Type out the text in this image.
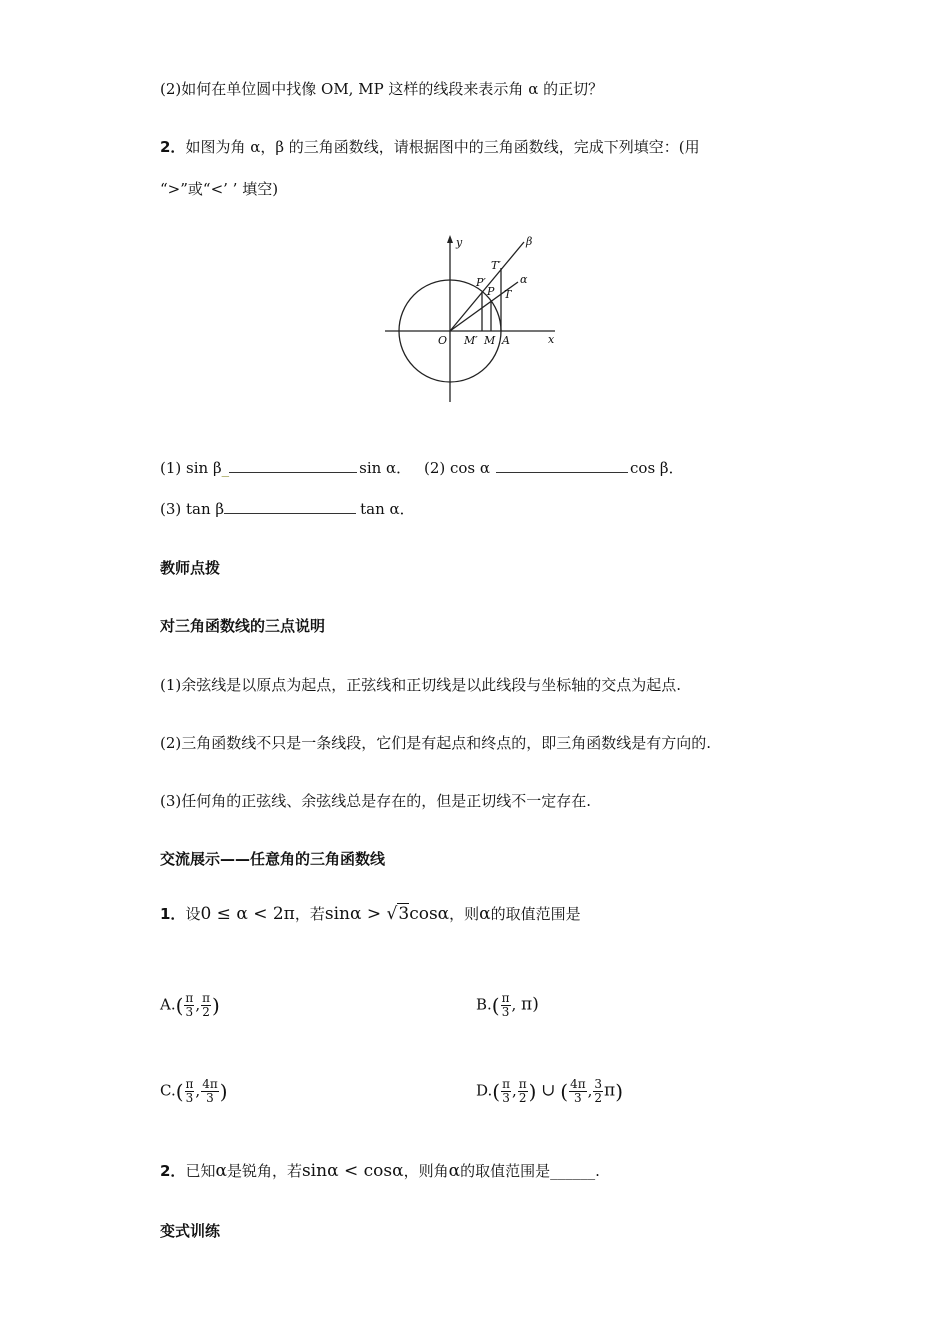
(2)如何在单位圆中找像 OM, MP 这样的线段来表示角 α 的正切？
2．如图为角 α，β 的三角函数线，请根据图中的三角函数线，完成下列填空：(用
“>”或“<’ ’ 填空)
y
x
O M′ M A
P′
P
T′
T
α
β
(1) sin β_	sin α． (2) cos α	cos β．
(3) tan β	tan α．
教师点拨
对三角函数线的三点说明
(1)余弦线是以原点为起点，正弦线和正切线是以此线段与坐标轴的交点为起点.
(2)三角函数线不只是一条线段，它们是有起点和终点的，即三角函数线是有方向的.
(3)任何角的正弦线、余弦线总是存在的，但是正切线不一定存在.
交流展示——任意角的三角函数线
1．设0 ≤ α < 2π，若sinα > √3cosα，则α的取值范围是
$A.( \frac{\pi}{3}$ , $\frac{\pi}{2}$ )	$B.( \frac{\pi}{3}$ , π)
$C.( \frac{\pi}{3}$ , $\frac{4\pi}{3}$ )	$D.( \frac{\pi}{3}$ , $\frac{\pi}{2}$ ) ∪ ( $\frac{4\pi}{3}$ , $\frac{3}{2} \pi$)
2．已知α是锐角，若sinα < cosα，则角α的取值范围是______.
变式训练
